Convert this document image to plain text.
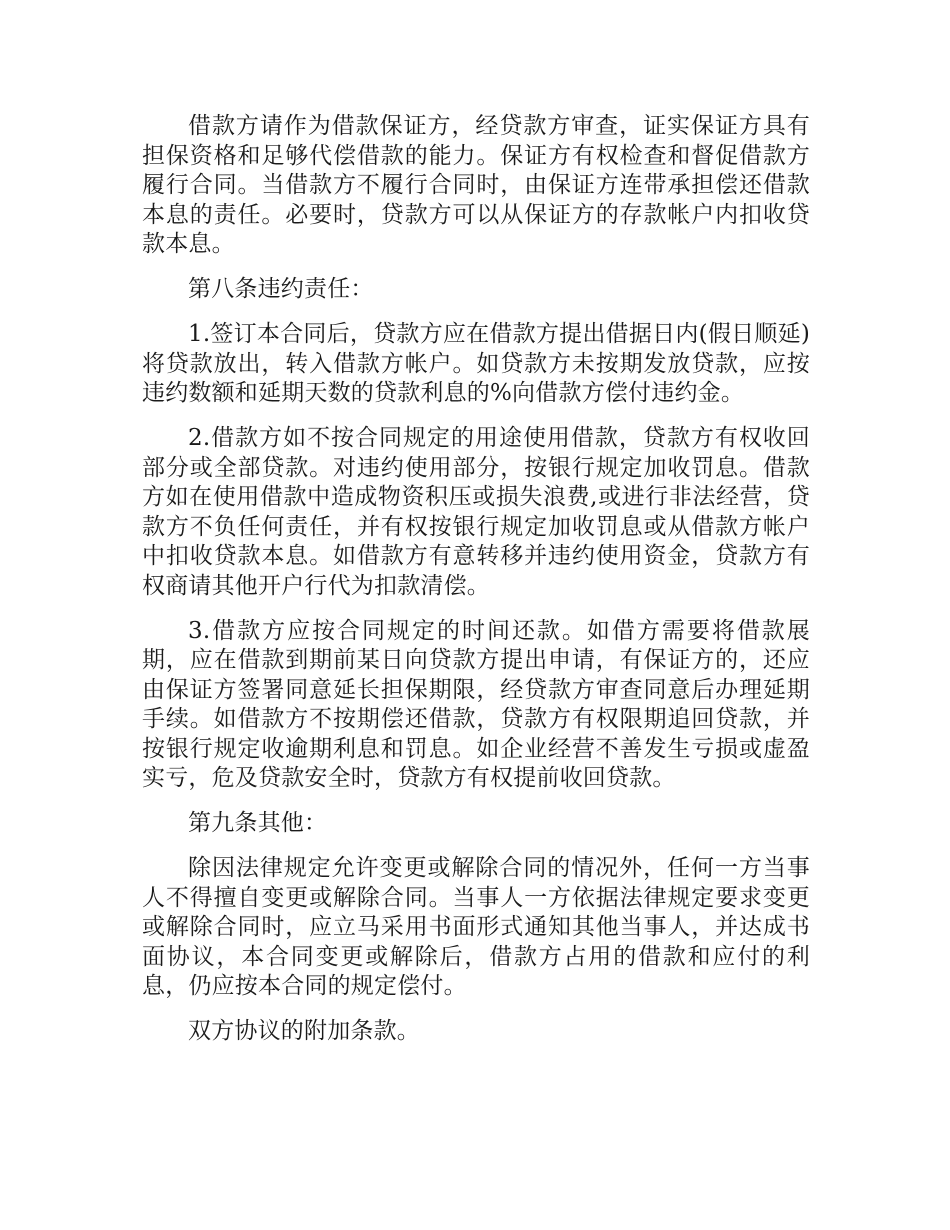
借款方请作为借款保证方，经贷款方审查，证实保证方具有担保资格和足够代偿借款的能力。保证方有权检查和督促借款方履行合同。当借款方不履行合同时，由保证方连带承担偿还借款本息的责任。必要时，贷款方可以从保证方的存款帐户内扣收贷款本息。

第八条违约责任：

1.签订本合同后，贷款方应在借款方提出借据日内(假日顺延)将贷款放出，转入借款方帐户。如贷款方未按期发放贷款，应按违约数额和延期天数的贷款利息的%向借款方偿付违约金。

2.借款方如不按合同规定的用途使用借款，贷款方有权收回部分或全部贷款。对违约使用部分，按银行规定加收罚息。借款方如在使用借款中造成物资积压或损失浪费,或进行非法经营，贷款方不负任何责任，并有权按银行规定加收罚息或从借款方帐户中扣收贷款本息。如借款方有意转移并违约使用资金，贷款方有权商请其他开户行代为扣款清偿。

3.借款方应按合同规定的时间还款。如借方需要将借款展期，应在借款到期前某日向贷款方提出申请，有保证方的，还应由保证方签署同意延长担保期限，经贷款方审查同意后办理延期手续。如借款方不按期偿还借款，贷款方有权限期追回贷款，并按银行规定收逾期利息和罚息。如企业经营不善发生亏损或虚盈实亏，危及贷款安全时，贷款方有权提前收回贷款。

第九条其他：

除因法律规定允许变更或解除合同的情况外，任何一方当事人不得擅自变更或解除合同。当事人一方依据法律规定要求变更或解除合同时，应立马采用书面形式通知其他当事人，并达成书面协议，本合同变更或解除后，借款方占用的借款和应付的利息，仍应按本合同的规定偿付。

双方协议的附加条款。
